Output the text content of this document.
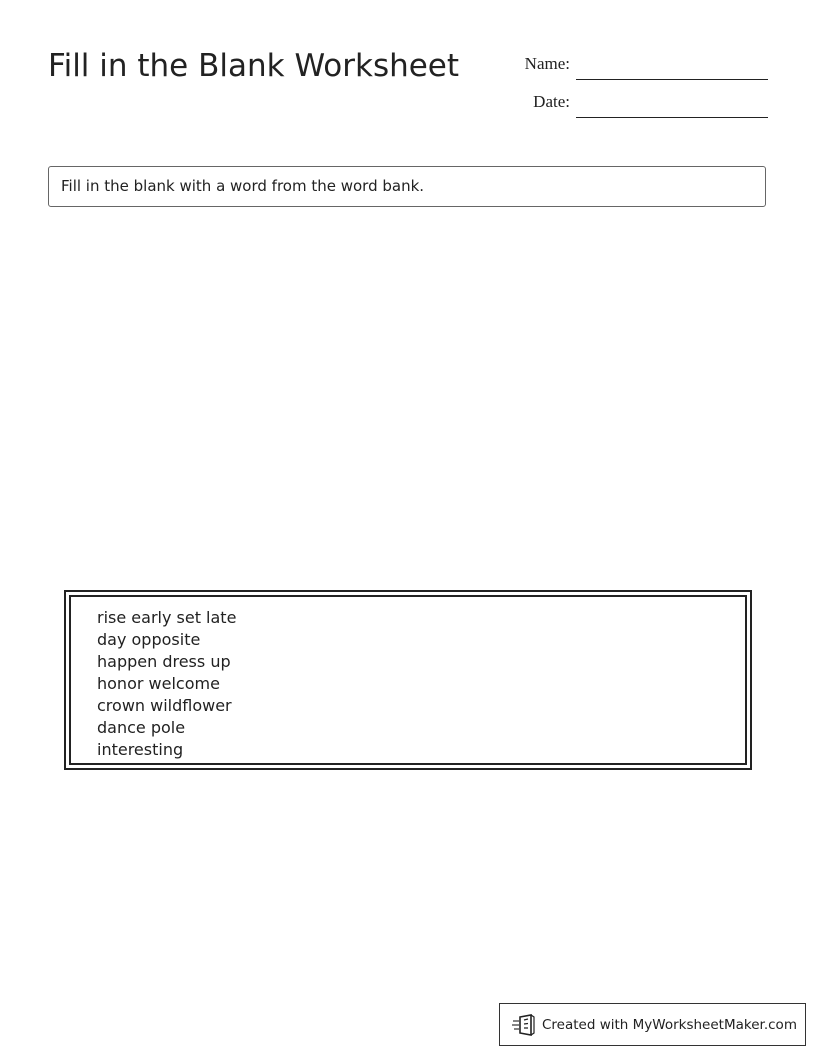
Fill in the Blank Worksheet	Name:
Date:
Fill in the blank with a word from the word bank.
rise early set late
day opposite
happen dress up
honor welcome
crown wildflower
dance pole
interesting
Created with MyWorksheetMaker.com
